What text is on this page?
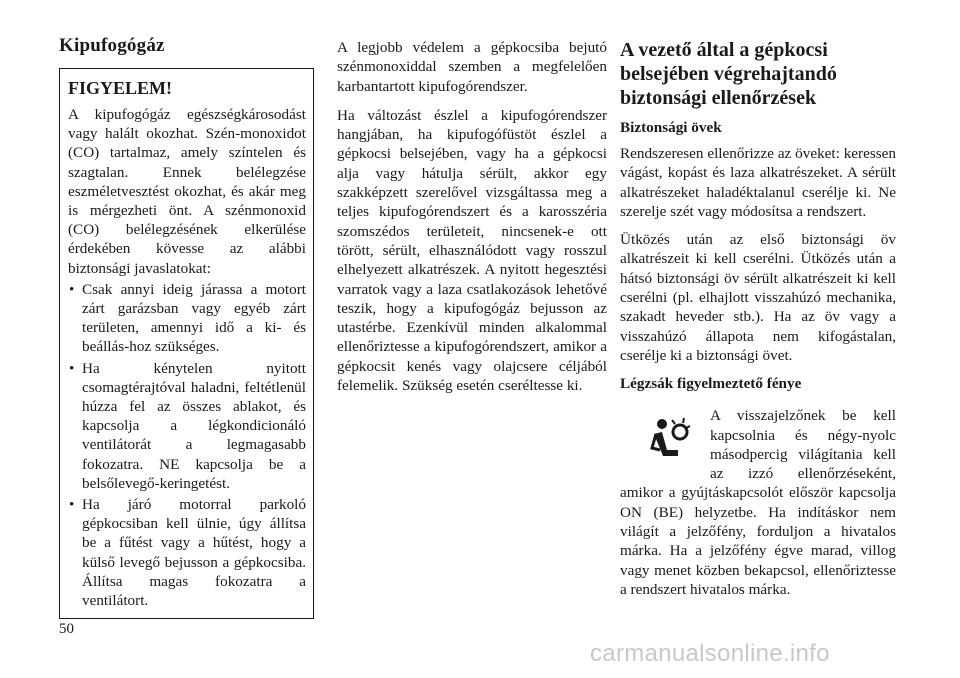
Kipufogógáz
FIGYELEM!
A kipufogógáz egészségkárosodást vagy halált okozhat. Szén-monoxidot (CO) tartalmaz, amely színtelen és szagtalan. Ennek belélegzése eszméletvesztést okozhat, és akár meg is mérgezheti önt. A szénmonoxid (CO) belélegzésének elkerülése érdekében kövesse az alábbi biztonsági javaslatokat:
• Csak annyi ideig járassa a motort zárt garázsban vagy egyéb zárt területen, amennyi idő a ki- és beállás-hoz szükséges.
• Ha kénytelen nyitott csomagtérajtóval haladni, feltétlenül húzza fel az összes ablakot, és kapcsolja a légkondicionáló ventilátorát a legmagasabb fokozatra. NE kapcsolja be a belsőlevegő-keringetést.
• Ha járó motorral parkoló gépkocsiban kell ülnie, úgy állítsa be a fűtést vagy a hűtést, hogy a külső levegő bejusson a gépkocsiba. Állítsa magas fokozatra a ventilátort.

A legjobb védelem a gépkocsiba bejutó szénmonoxiddal szemben a megfelelően karbantartott kipufogórendszer.

Ha változást észlel a kipufogórendszer hangjában, ha kipufogófüstöt észlel a gépkocsi belsejében, vagy ha a gépkocsi alja vagy hátulja sérült, akkor egy szakképzett szerelővel vizsgáltassa meg a teljes kipufogórendszert és a karosszéria szomszédos területeit, nincsenek-e ott törött, sérült, elhasználódott vagy rosszul elhelyezett alkatrészek. A nyitott hegesztési varratok vagy a laza csatlakozások lehetővé teszik, hogy a kipufogógáz bejusson az utastérbe. Ezenkívül minden alkalommal ellenőriztesse a kipufogórendszert, amikor a gépkocsit kenés vagy olajcsere céljából felemelik. Szükség esetén cseréltesse ki.

A vezető által a gépkocsi belsejében végrehajtandó biztonsági ellenőrzések
Biztonsági övek

Rendszeresen ellenőrizze az öveket: keressen vágást, kopást és laza alkatrészeket. A sérült alkatrészeket haladéktalanul cserélje ki. Ne szerelje szét vagy módosítsa a rendszert.

Ütközés után az első biztonsági öv alkatrészeit ki kell cserélni. Ütközés után a hátsó biztonsági öv sérült alkatrészeit ki kell cserélni (pl. elhajlott visszahúzó mechanika, szakadt heveder stb.). Ha az öv vagy a visszahúzó állapota nem kifogástalan, cserélje ki a biztonsági övet.

Légzsák figyelmeztető fénye
A visszajelzőnek be kell kapcsolnia és négy-nyolc másodpercig világítania kell az izzó ellenőrzéseként, amikor a gyújtáskapcsolót először kapcsolja ON (BE) helyzetbe. Ha indításkor nem világít a jelzőfény, forduljon a hivatalos márka. Ha a jelzőfény égve marad, villog vagy menet közben bekapcsol, ellenőriztesse a rendszert hivatalos márka.
50
carmanualsonline.info
